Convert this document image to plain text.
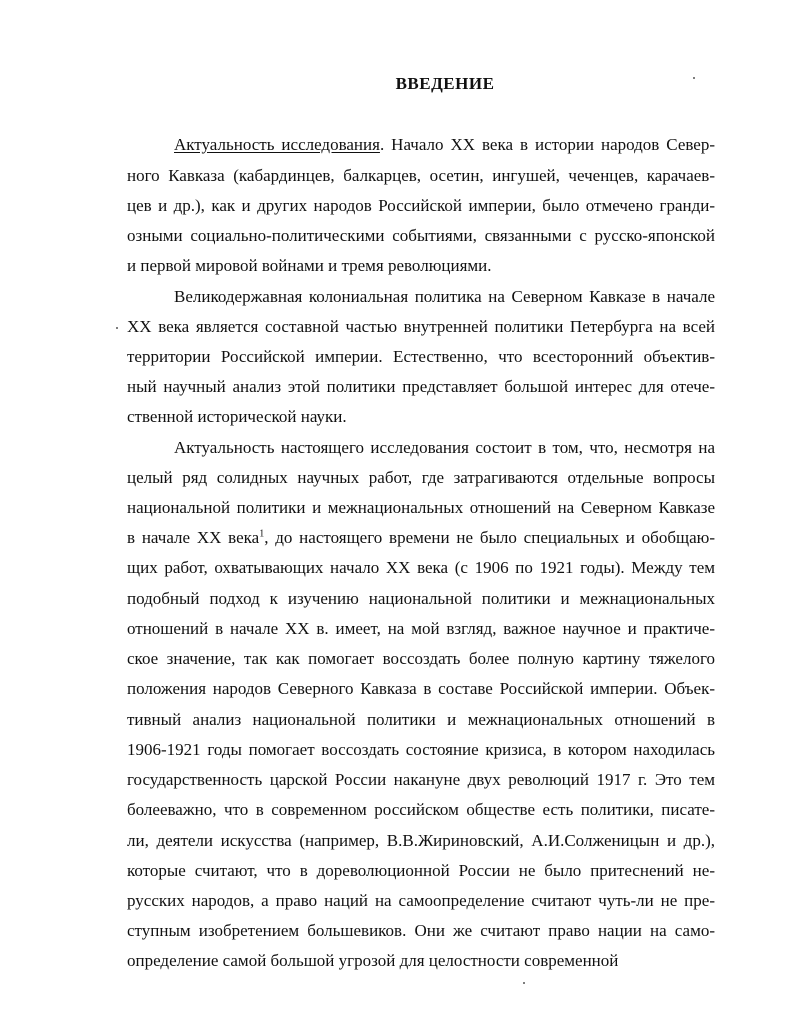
ВВЕДЕНИЕ
Актуальность исследования. Начало XX века в истории народов Север-
ного Кавказа (кабардинцев, балкарцев, осетин, ингушей, чеченцев, карачаев-
цев и др.), как и других народов Российской империи, было отмечено гранди-
озными социально-политическими событиями, связанными с русско-японской
и первой мировой войнами и тремя революциями.
Великодержавная колониальная политика на Северном Кавказе в начале
XX века является составной частью внутренней политики Петербурга на всей
территории Российской империи. Естественно, что всесторонний объектив-
ный научный анализ этой политики представляет большой интерес для отече-
ственной исторической науки.
Актуальность настоящего исследования состоит в том, что, несмотря на
целый ряд солидных научных работ, где затрагиваются отдельные вопросы
национальной политики и межнациональных отношений на Северном Кавказе
в начале XX века$^1$, до настоящего времени не было специальных и обобщаю-
щих работ, охватывающих начало XX века (с 1906 по 1921 годы). Между тем
подобный подход к изучению национальной политики и межнациональных
отношений в начале XX в. имеет, на мой взгляд, важное научное и практиче-
ское значение, так как помогает воссоздать более полную картину тяжелого
положения народов Северного Кавказа в составе Российской империи. Объек-
тивный анализ национальной политики и межнациональных отношений в
1906-1921 годы помогает воссоздать состояние кризиса, в котором находилась
государственность царской России накануне двух революций 1917 г. Это тем
болееважно, что в современном российском обществе есть политики, писате-
ли, деятели искусства (например, В.В.Жириновский, А.И.Солженицын и др.),
которые считают, что в дореволюционной России не было притеснений не-
русских народов, а право наций на самоопределение считают чуть-ли не пре-
ступным изобретением большевиков. Они же считают право нации на само-
определение самой большой угрозой для целостности современной
